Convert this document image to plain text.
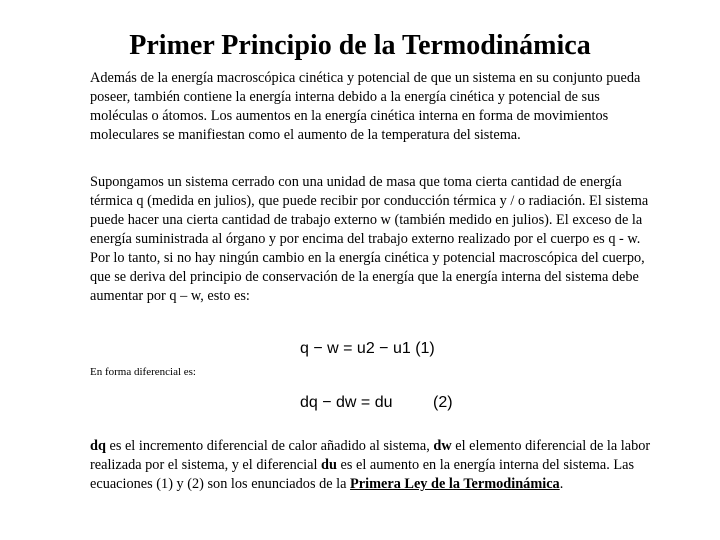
Primer Principio de la Termodinámica
Además de la energía macroscópica cinética y potencial de que un sistema en su conjunto pueda poseer, también contiene la energía interna debido a la energía cinética y potencial de sus moléculas o átomos. Los aumentos en la energía cinética interna en forma de movimientos moleculares se manifiestan como el aumento de la temperatura del sistema.
Supongamos un sistema cerrado con una unidad de masa que toma cierta cantidad de energía térmica q (medida en julios), que puede recibir por conducción térmica y / o radiación. El sistema puede hacer una cierta cantidad de trabajo externo w (también medido en julios). El exceso de la energía suministrada al órgano y por encima del trabajo externo realizado por el cuerpo es q - w. Por lo tanto, si no hay ningún cambio en la energía cinética y potencial macroscópica del cuerpo, que se deriva del principio de conservación de la energía que la energía interna del sistema debe aumentar por q – w, esto es:
q − w = u2 − u1 (1)
En forma diferencial es:
dq − dw = du	(2)
dq es el incremento diferencial de calor añadido al sistema, dw el elemento diferencial de la labor realizada por el sistema, y el diferencial du es el aumento en la energía interna del sistema. Las ecuaciones (1) y (2) son los enunciados de la Primera Ley de la Termodinámica.
